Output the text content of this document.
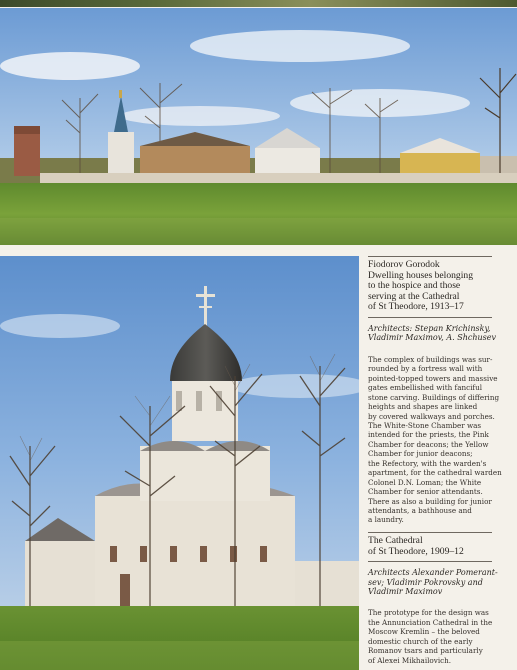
Fiodorov Gorodok
Dwelling houses belonging
to the hospice and those
serving at the Cathedral
of St Theodore, 1913–17
Architects: Stepan Krichinsky,
Vladimir Maximov, A. Shchusev
The complex of buildings was sur-
rounded by a fortress wall with
pointed-topped towers and massive
gates embellished with fanciful
stone carving. Buildings of differing
heights and shapes are linked
by covered walkways and porches.
The White-Stone Chamber was
intended for the priests, the Pink
Chamber for deacons; the Yellow
Chamber for junior deacons;
the Refectory, with the warden's
apartment, for the cathedral warden
Colonel D.N. Loman; the White
Chamber for senior attendants.
There as also a building for junior
attendants, a bathhouse and
a laundry.
The Cathedral
of St Theodore, 1909–12
Architects Alexander Pomerant-
sev; Vladimir Pokrovsky and
Vladimir Maximov
The prototype for the design was
the Annunciation Cathedral in the
Moscow Kremlin – the beloved
domestic church of the early
Romanov tsars and particularly
of Alexei Mikhailovich.
